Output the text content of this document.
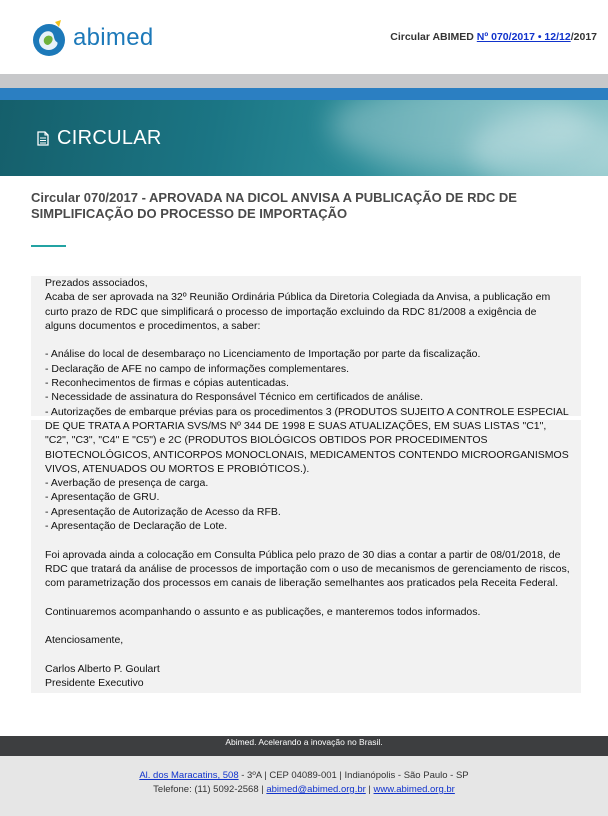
abimed	Circular ABIMED Nº 070/2017 • 12/12/2017
CIRCULAR
Circular 070/2017 - APROVADA NA DICOL ANVISA A PUBLICAÇÃO DE RDC DE SIMPLIFICAÇÃO DO PROCESSO DE IMPORTAÇÃO

Prezados associados,

Acaba de ser aprovada na 32º Reunião Ordinária Pública da Diretoria Colegiada da Anvisa, a publicação em curto prazo de RDC que simplificará o processo de importação excluindo da RDC 81/2008 a exigência de alguns documentos e procedimentos, a saber:

- Análise do local de desembaraço no Licenciamento de Importação por parte da fiscalização.

- Declaração de AFE no campo de informações complementares.

- Reconhecimentos de firmas e cópias autenticadas.

- Necessidade de assinatura do Responsável Técnico em certificados de análise.

- Autorizações de embarque prévias para os procedimentos 3 (PRODUTOS SUJEITO A CONTROLE ESPECIAL DE QUE TRATA A PORTARIA SVS/MS Nº 344 DE 1998 E SUAS ATUALIZAÇÕES, EM SUAS LISTAS "C1", "C2", "C3", "C4" E "C5") e 2C (PRODUTOS BIOLÓGICOS OBTIDOS POR PROCEDIMENTOS BIOTECNOLÓGICOS, ANTICORPOS MONOCLONAIS, MEDICAMENTOS CONTENDO MICROORGANISMOS VIVOS, ATENUADOS OU MORTOS E PROBIÓTICOS.).

- Averbação de presença de carga.

- Apresentação de GRU.

- Apresentação de Autorização de Acesso da RFB.

- Apresentação de Declaração de Lote.

Foi aprovada ainda a colocação em Consulta Pública pelo prazo de 30 dias a contar a partir de 08/01/2018, de RDC que tratará da análise de processos de importação com o uso de mecanismos de gerenciamento de riscos, com parametrização dos processos em canais de liberação semelhantes aos praticados pela Receita Federal.

Continuaremos acompanhando o assunto e as publicações, e manteremos todos informados.

Atenciosamente,

Carlos Alberto P. Goulart

Presidente Executivo

Abimed. Acelerando a inovação no Brasil.
Al. dos Maracatins, 508 - 3ºA | CEP 04089-001 | Indianópolis - São Paulo - SP
Telefone: (11) 5092-2568 | abimed@abimed.org.br | www.abimed.org.br
